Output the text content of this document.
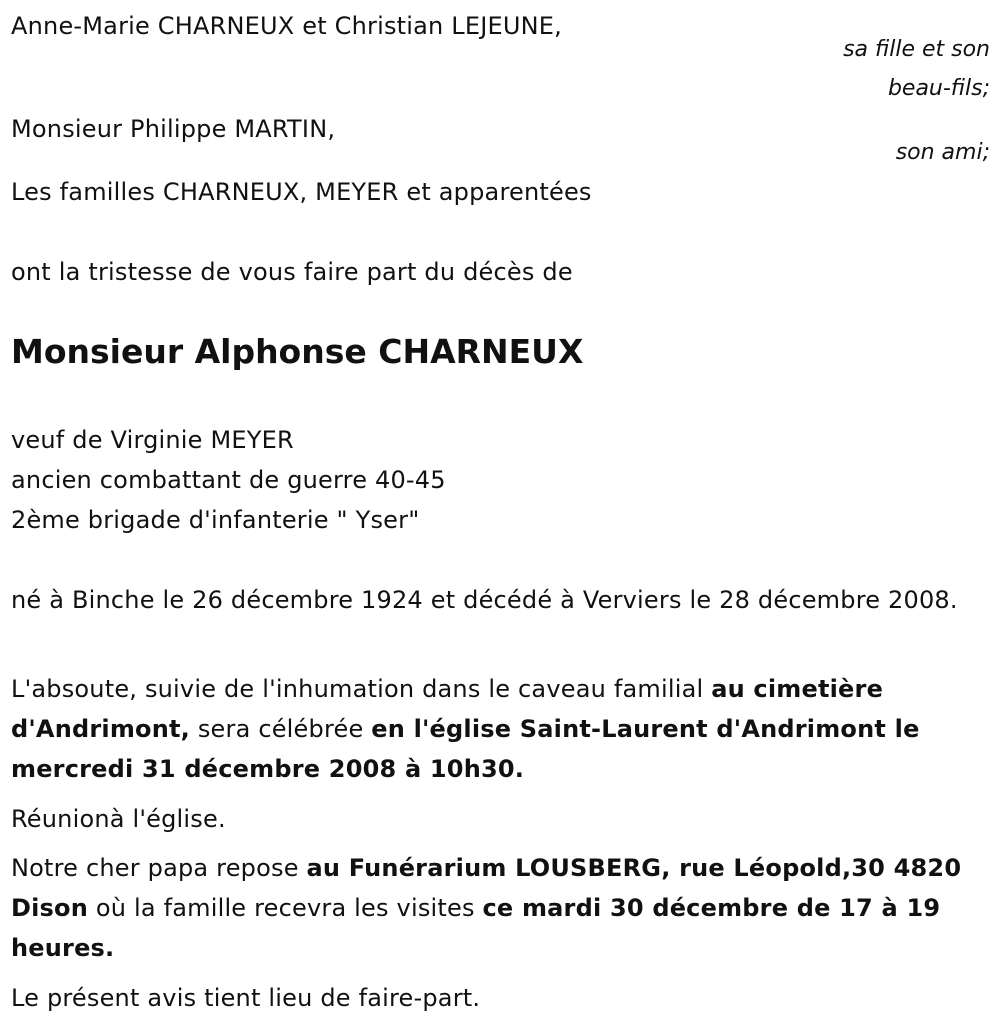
Anne-Marie CHARNEUX et Christian LEJEUNE,
sa fille et son
beau-fils;
Monsieur Philippe MARTIN,
son ami;
Les familles CHARNEUX, MEYER et apparentées
ont la tristesse de vous faire part du décès de
Monsieur Alphonse CHARNEUX
veuf de Virginie MEYER
ancien combattant de guerre 40-45
2ème brigade d'infanterie " Yser"
né à Binche le 26 décembre 1924 et décédé à Verviers le 28 décembre 2008.
L'absoute, suivie de l'inhumation dans le caveau familial au cimetière d'Andrimont, sera célébrée en l'église Saint-Laurent d'Andrimont le mercredi 31 décembre 2008 à 10h30.
Réunionà l'église.
Notre cher papa repose au Funérarium LOUSBERG, rue Léopold,30 4820 Dison où la famille recevra les visites ce mardi 30 décembre de 17 à 19 heures.
Le présent avis tient lieu de faire-part.
